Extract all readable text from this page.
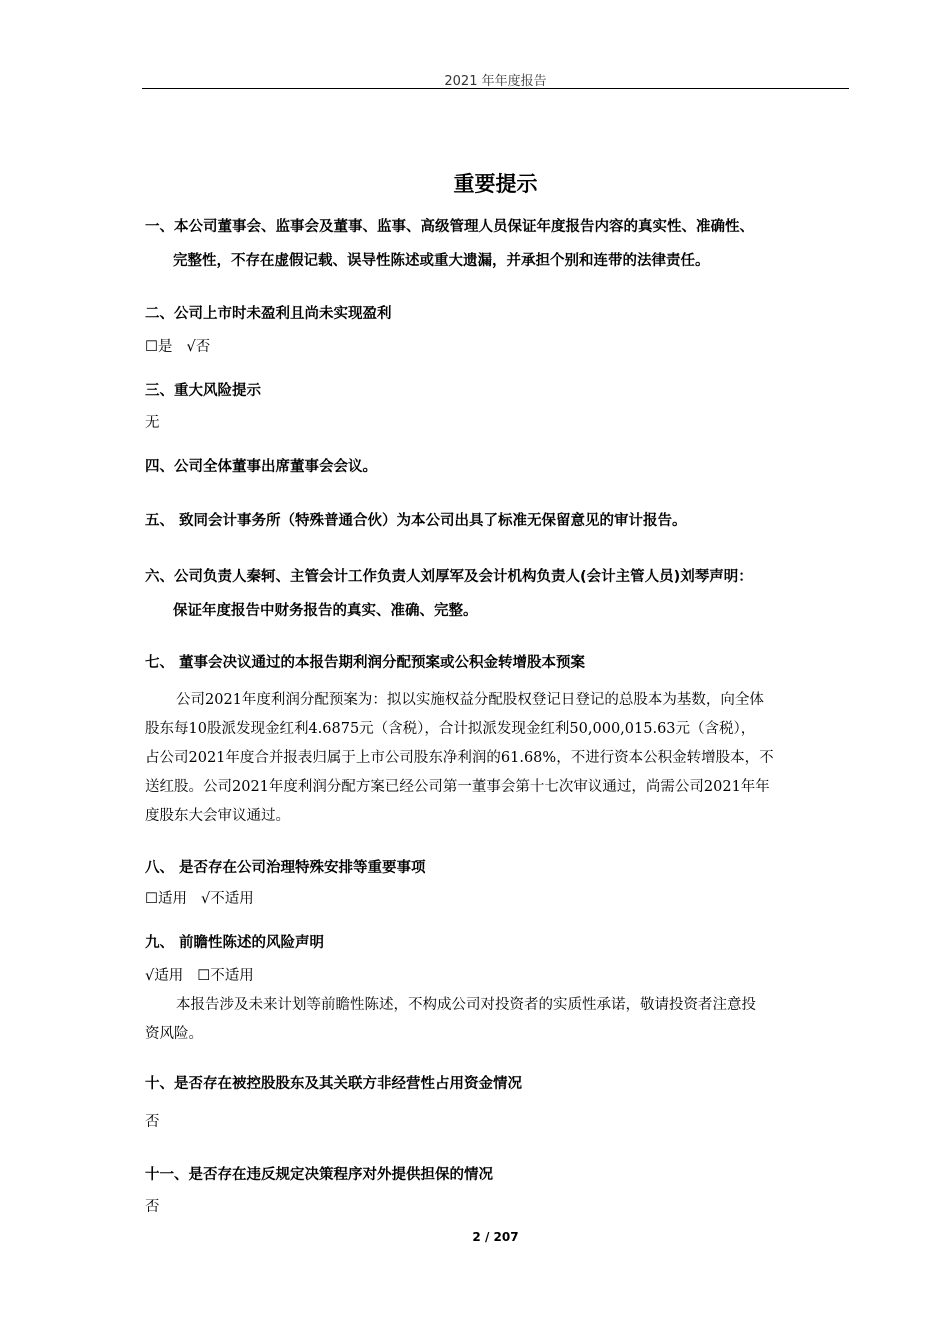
2021 年年度报告
重要提示
一、本公司董事会、监事会及董事、监事、高级管理人员保证年度报告内容的真实性、准确性、
完整性，不存在虚假记载、误导性陈述或重大遗漏，并承担个别和连带的法律责任。
二、公司上市时未盈利且尚未实现盈利
☐是 √否
三、重大风险提示
无
四、公司全体董事出席董事会会议。
五、 致同会计事务所（特殊普通合伙）为本公司出具了标准无保留意见的审计报告。
六、公司负责人秦轲、主管会计工作负责人刘厚军及会计机构负责人(会计主管人员)刘琴声明：
保证年度报告中财务报告的真实、准确、完整。
七、 董事会决议通过的本报告期利润分配预案或公积金转增股本预案
公司2021年度利润分配预案为：拟以实施权益分配股权登记日登记的总股本为基数，向全体
股东每10股派发现金红利4.6875元（含税），合计拟派发现金红利50,000,015.63元（含税），
占公司2021年度合并报表归属于上市公司股东净利润的61.68%，不进行资本公积金转增股本，不
送红股。公司2021年度利润分配方案已经公司第一董事会第十七次审议通过，尚需公司2021年年
度股东大会审议通过。
八、 是否存在公司治理特殊安排等重要事项
☐适用 √不适用
九、 前瞻性陈述的风险声明
√适用 ☐不适用
本报告涉及未来计划等前瞻性陈述，不构成公司对投资者的实质性承诺，敬请投资者注意投
资风险。
十、是否存在被控股股东及其关联方非经营性占用资金情况
否
十一、是否存在违反规定决策程序对外提供担保的情况
否
2 / 207
